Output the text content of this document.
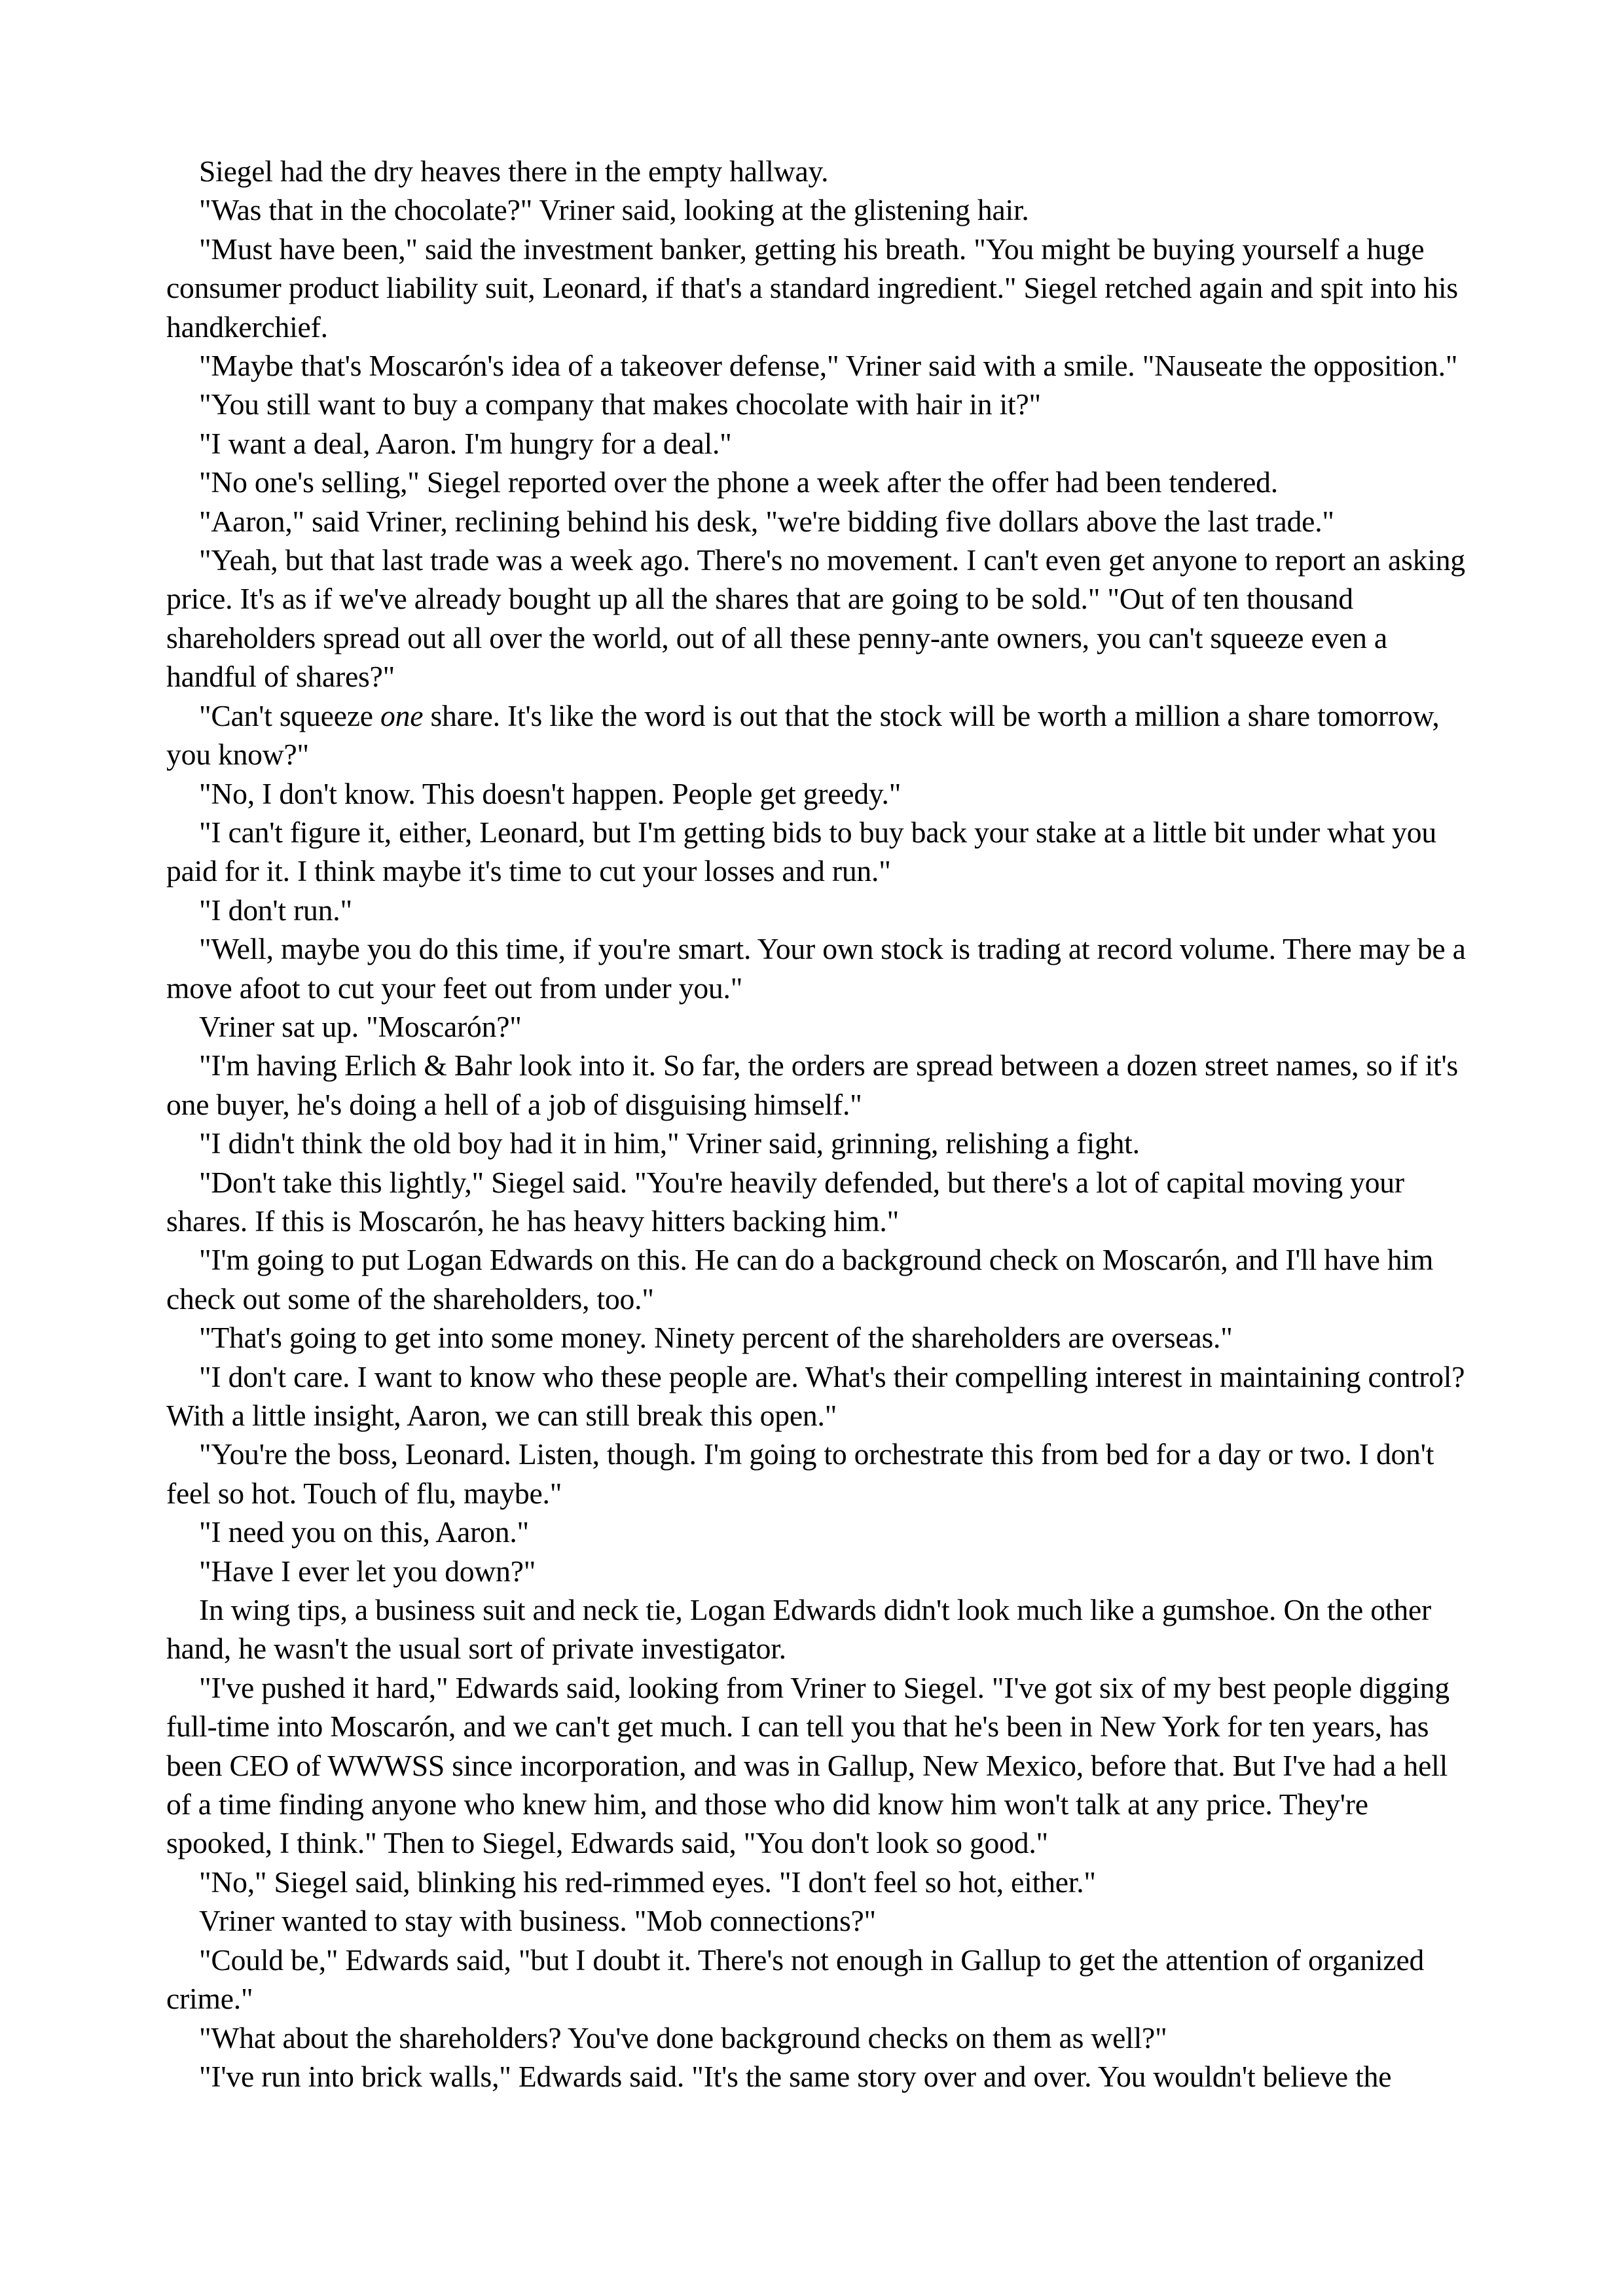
Siegel had the dry heaves there in the empty hallway.

"Was that in the chocolate?" Vriner said, looking at the glistening hair.

"Must have been," said the investment banker, getting his breath. "You might be buying yourself a huge consumer product liability suit, Leonard, if that's a standard ingredient." Siegel retched again and spit into his handkerchief.

"Maybe that's Moscarón's idea of a takeover defense," Vriner said with a smile. "Nauseate the opposition."

"You still want to buy a company that makes chocolate with hair in it?"

"I want a deal, Aaron. I'm hungry for a deal."

"No one's selling," Siegel reported over the phone a week after the offer had been tendered.

"Aaron," said Vriner, reclining behind his desk, "we're bidding five dollars above the last trade."

"Yeah, but that last trade was a week ago. There's no movement. I can't even get anyone to report an asking price. It's as if we've already bought up all the shares that are going to be sold." "Out of ten thousand shareholders spread out all over the world, out of all these penny-ante owners, you can't squeeze even a handful of shares?"

"Can't squeeze one share. It's like the word is out that the stock will be worth a million a share tomorrow, you know?"

"No, I don't know. This doesn't happen. People get greedy."

"I can't figure it, either, Leonard, but I'm getting bids to buy back your stake at a little bit under what you paid for it. I think maybe it's time to cut your losses and run."

"I don't run."

"Well, maybe you do this time, if you're smart. Your own stock is trading at record volume. There may be a move afoot to cut your feet out from under you."

Vriner sat up. "Moscarón?"

"I'm having Erlich & Bahr look into it. So far, the orders are spread between a dozen street names, so if it's one buyer, he's doing a hell of a job of disguising himself."

"I didn't think the old boy had it in him," Vriner said, grinning, relishing a fight.

"Don't take this lightly," Siegel said. "You're heavily defended, but there's a lot of capital moving your shares. If this is Moscarón, he has heavy hitters backing him."

"I'm going to put Logan Edwards on this. He can do a background check on Moscarón, and I'll have him check out some of the shareholders, too."

"That's going to get into some money. Ninety percent of the shareholders are overseas."

"I don't care. I want to know who these people are. What's their compelling interest in maintaining control? With a little insight, Aaron, we can still break this open."

"You're the boss, Leonard. Listen, though. I'm going to orchestrate this from bed for a day or two. I don't feel so hot. Touch of flu, maybe."

"I need you on this, Aaron."

"Have I ever let you down?"

In wing tips, a business suit and neck tie, Logan Edwards didn't look much like a gumshoe. On the other hand, he wasn't the usual sort of private investigator.

"I've pushed it hard," Edwards said, looking from Vriner to Siegel. "I've got six of my best people digging full-time into Moscarón, and we can't get much. I can tell you that he's been in New York for ten years, has been CEO of WWWSS since incorporation, and was in Gallup, New Mexico, before that. But I've had a hell of a time finding anyone who knew him, and those who did know him won't talk at any price. They're spooked, I think." Then to Siegel, Edwards said, "You don't look so good."

"No," Siegel said, blinking his red-rimmed eyes. "I don't feel so hot, either."

Vriner wanted to stay with business. "Mob connections?"

"Could be," Edwards said, "but I doubt it. There's not enough in Gallup to get the attention of organized crime."

"What about the shareholders? You've done background checks on them as well?"

"I've run into brick walls," Edwards said. "It's the same story over and over. You wouldn't believe the
